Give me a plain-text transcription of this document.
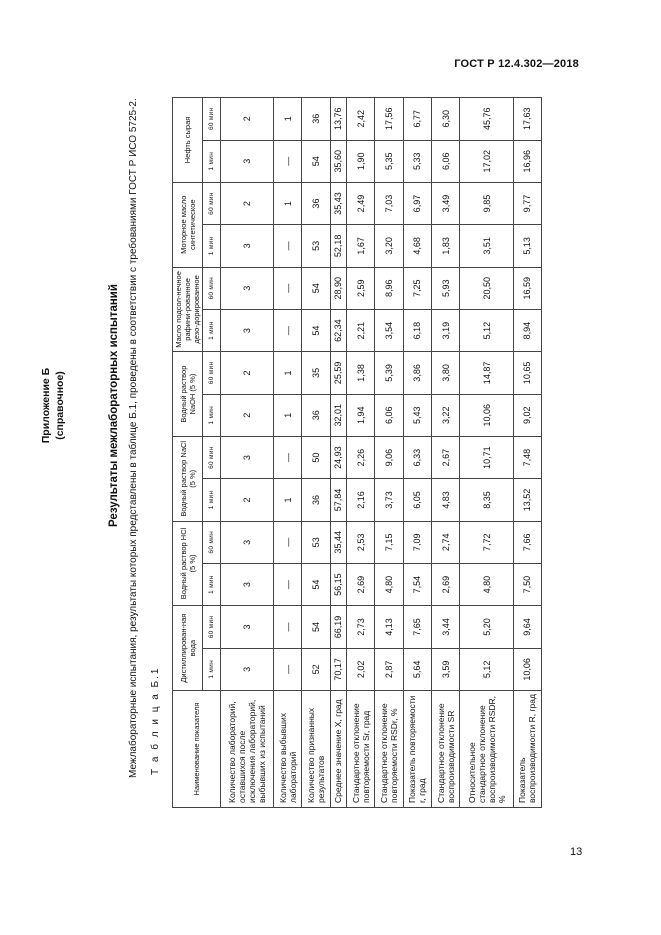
ГОСТ Р 12.4.302—2018
Приложение Б (справочное)	Результаты межлабораторных испытаний Межлабораторные испытания, результаты которых представлены в таблице Б.1, проведены в соответствии с требованиями ГОСТ Р ИСО 5725-2. Т а б л и ц а Б.1	Наименование показателя	Дистиллирован-ная вода		Водный раствор HCl (5 %)		Водный раствор NaCl (5 %)		Водный раствор NaOH (5 %)		Масло подсол-нечное рафини-рованное дезо-дорированное		Моторное масло синтетическое		Нефть сырая	
	1 мин	60 мин	1 мин	60 мин	1 мин	60 мин	1 мин	60 мин	1 мин	60 мин	1 мин	60 мин	1 мин	60 мин
Количество лабораторий, оставшихся после исключения лабораторий, выбывших из испытаний	3	3	3	3	2	3	2	2	3	3	3	2	3	2
Количество выбывших лабораторий	—	—	—	—	1	—	1	1	—	—	—	1	—	1
Количество признанных результатов	52	54	54	53	36	50	36	35	54	54	53	36	54	36
Среднее значение X, град	70,17	66,19	56,15	35,44	57,84	24,93	32,01	25,59	62,34	28,90	52,18	35,43	35,60	13,76
Стандартное отклонение повторяемости Sr, град	2,02	2,73	2,69	2,53	2,16	2,26	1,94	1,38	2,21	2,59	1,67	2,49	1,90	2,42
Стандартное отклонение повторяемости RSDr, %	2,87	4,13	4,80	7,15	3,73	9,06	6,06	5,39	3,54	8,96	3,20	7,03	5,35	17,56
Показатель повторяемости r, град	5,64	7,65	7,54	7,09	6,05	6,33	5,43	3,86	6,18	7,25	4,68	6,97	5,33	6,77
Стандартное отклонение воспроизводимости SR	3,59	3,44	2,69	2,74	4,83	2,67	3,22	3,80	3,19	5,93	1,83	3,49	6,06	6,30
Относительное стандартное отклонение воспроизводимости RSDR, %	5,12	5,20	4,80	7,72	8,35	10,71	10,06	14,87	5,12	20,50	3,51	9,85	17,02	45,76
Показатель воспроизводимости R, град	10,06	9,64	7,50	7,66	13,52	7,48	9,02	10,65	8,94	16,59	5,13	9,77	16,96	17,63
13
